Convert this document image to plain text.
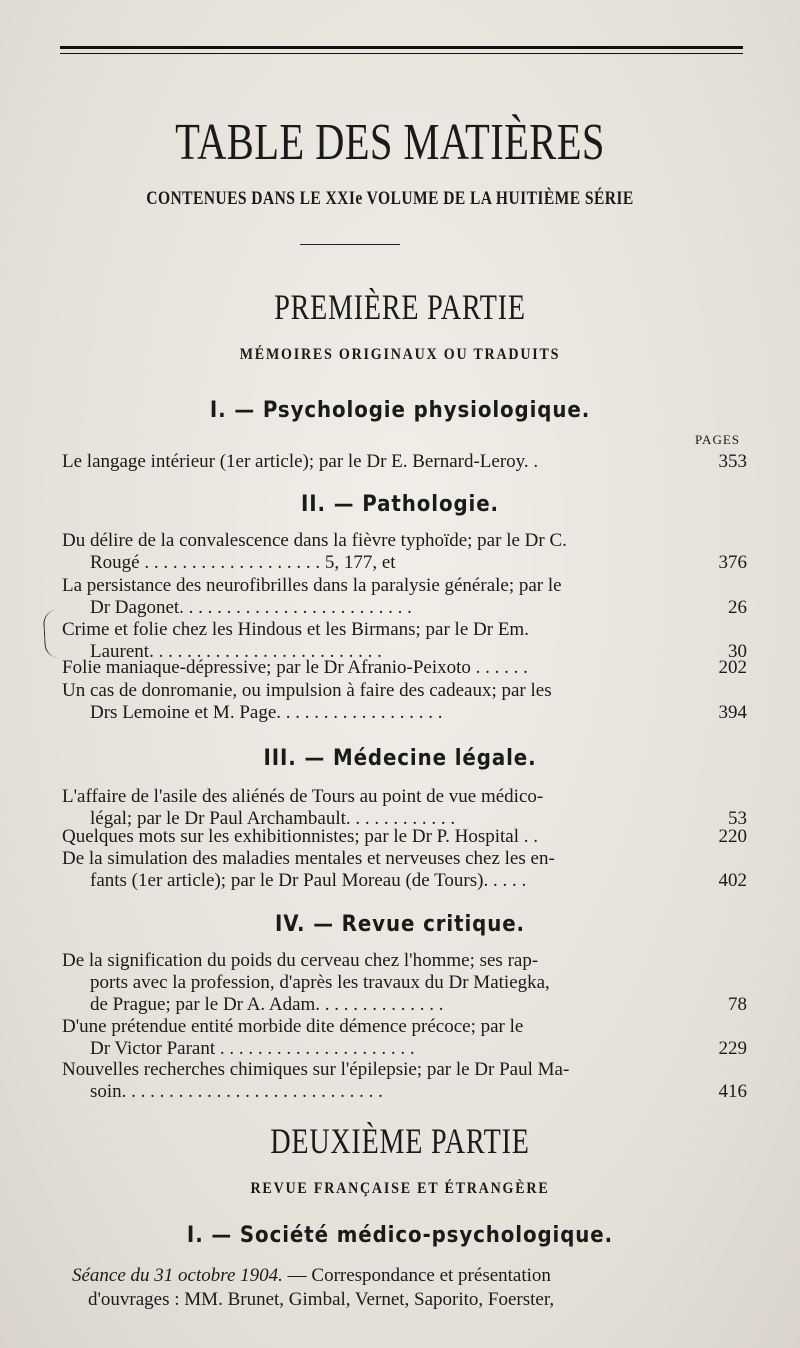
TABLE DES MATIÈRES
CONTENUES DANS LE XXIe VOLUME DE LA HUITIÈME SÉRIE
PREMIÈRE PARTIE
MÉMOIRES ORIGINAUX OU TRADUITS
I. — Psychologie physiologique.
PAGES
Le langage intérieur (1er article); par le Dr E. Bernard-Leroy. .	353
II. — Pathologie.
Du délire de la convalescence dans la fièvre typhoïde; par le Dr C.
Rougé . . . . . . . . . . . . . . . . . . . 5, 177, et	376
La persistance des neurofibrilles dans la paralysie générale; par le
Dr Dagonet. . . . . . . . . . . . . . . . . . . . . . . . .	26
Crime et folie chez les Hindous et les Birmans; par le Dr Em.
Laurent. . . . . . . . . . . . . . . . . . . . . . . . .	30
Folie maniaque-dépressive; par le Dr Afranio-Peixoto . . . . . .	202
Un cas de donromanie, ou impulsion à faire des cadeaux; par les
Drs Lemoine et M. Page. . . . . . . . . . . . . . . . . .	394
III. — Médecine légale.
L'affaire de l'asile des aliénés de Tours au point de vue médico-
légal; par le Dr Paul Archambault. . . . . . . . . . . .	53
Quelques mots sur les exhibitionnistes; par le Dr P. Hospital . .	220
De la simulation des maladies mentales et nerveuses chez les en-
fants (1er article); par le Dr Paul Moreau (de Tours). . . . .	402
IV. — Revue critique.
De la signification du poids du cerveau chez l'homme; ses rap-
ports avec la profession, d'après les travaux du Dr Matiegka,
de Prague; par le Dr A. Adam. . . . . . . . . . . . . .	78
D'une prétendue entité morbide dite démence précoce; par le
Dr Victor Parant . . . . . . . . . . . . . . . . . . . . .	229
Nouvelles recherches chimiques sur l'épilepsie; par le Dr Paul Ma-
soin. . . . . . . . . . . . . . . . . . . . . . . . . . . .	416
DEUXIÈME PARTIE
REVUE FRANÇAISE ET ÉTRANGÈRE
I. — Société médico-psychologique.
Séance du 31 octobre 1904. — Correspondance et présentation
d'ouvrages : MM. Brunet, Gimbal, Vernet, Saporito, Foerster,
